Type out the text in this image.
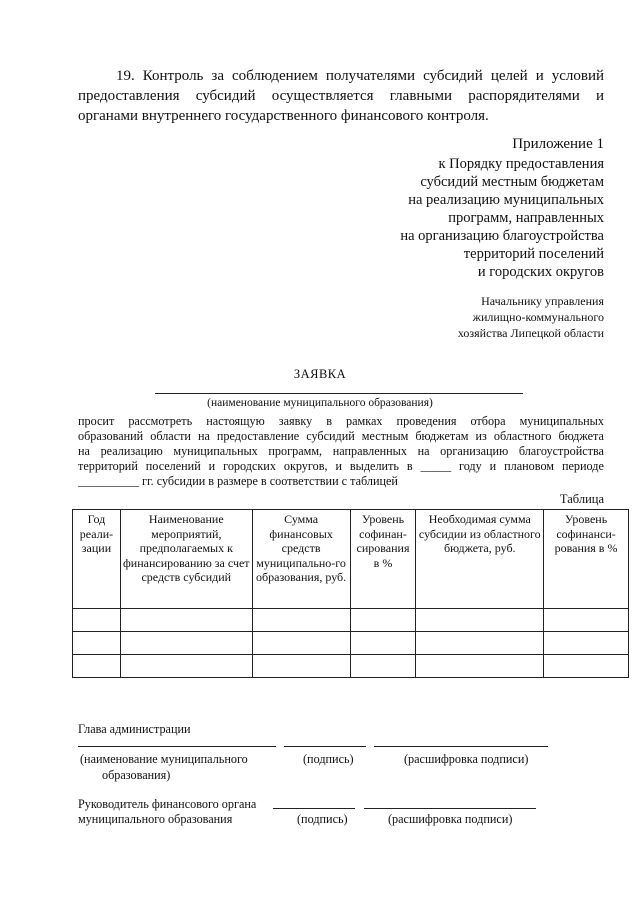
19. Контроль за соблюдением получателями субсидий целей и условий
предоставления субсидий осуществляется главными распорядителями и
органами внутреннего государственного финансового контроля.
Приложение 1
к Порядку предоставления
субсидий местным бюджетам
на реализацию муниципальных
программ, направленных
на организацию благоустройства
территорий поселений
и городских округов
Начальнику управления
жилищно-коммунального
хозяйства Липецкой области
ЗАЯВКА
(наименование муниципального образования)
просит рассмотреть настоящую заявку в рамках проведения отбора муниципальных
образований области на предоставление субсидий местным бюджетам из областного бюджета
на реализацию муниципальных программ, направленных на организацию благоустройства
территорий поселений и городских округов, и выделить в _____ году и плановом периоде
__________ гг. субсидии в размере в соответствии с таблицей
Таблица
Год реали-зации	Наименование мероприятий, предполагаемых к финансированию за счет средств субсидий	Сумма финансовых средств муниципально-го образования, руб.	Уровень софинан-сирования в %	Необходимая сумма субсидии из областного бюджета, руб.	Уровень софинанси-рования в %

Глава администрации
(наименование муниципального
образования)
(подпись)	(расшифровка подписи)
Руководитель финансового органа
муниципального образования	(подпись)	(расшифровка подписи)
